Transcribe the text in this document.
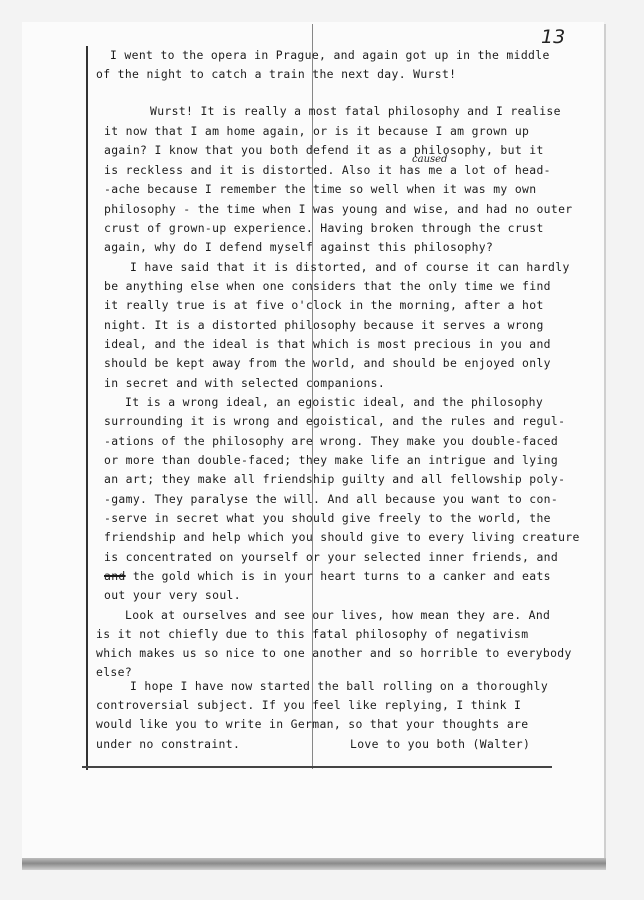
13
I went to the opera in Prague, and again got up in the middle
of the night to catch a train the next day. Wurst!
Wurst! It is really a most fatal philosophy and I realise
it now that I am home again, or is it because I am grown up
again? I know that you both defend it as a philosophy, but it
is reckless and it is distorted. Also it has me a lot of head-
caused
-ache because I remember the time so well when it was my own
philosophy - the time when I was young and wise, and had no outer
crust of grown-up experience. Having broken through the crust
again, why do I defend myself against this philosophy?
I have said that it is distorted, and of course it can hardly
be anything else when one considers that the only time we find
it really true is at five o'clock in the morning, after a hot
night. It is a distorted philosophy because it serves a wrong
ideal, and the ideal is that which is most precious in you and
should be kept away from the world, and should be enjoyed only
in secret and with selected companions.
It is a wrong ideal, an egoistic ideal, and the philosophy
surrounding it is wrong and egoistical, and the rules and regul-
-ations of the philosophy are wrong. They make you double-faced
or more than double-faced; they make life an intrigue and lying
an art; they make all friendship guilty and all fellowship poly-
-gamy. They paralyse the will. And all because you want to con-
-serve in secret what you should give freely to the world, the
friendship and help which you should give to every living creature
is concentrated on yourself or your selected inner friends, and
and the gold which is in your heart turns to a canker and eats
out your very soul.
Look at ourselves and see our lives, how mean they are. And
is it not chiefly due to this fatal philosophy of negativism
which makes us so nice to one another and so horrible to everybody
else?
I hope I have now started the ball rolling on a thoroughly
controversial subject. If you feel like replying, I think I
would like you to write in German, so that your thoughts are
under no constraint.	Love to you both (Walter)
